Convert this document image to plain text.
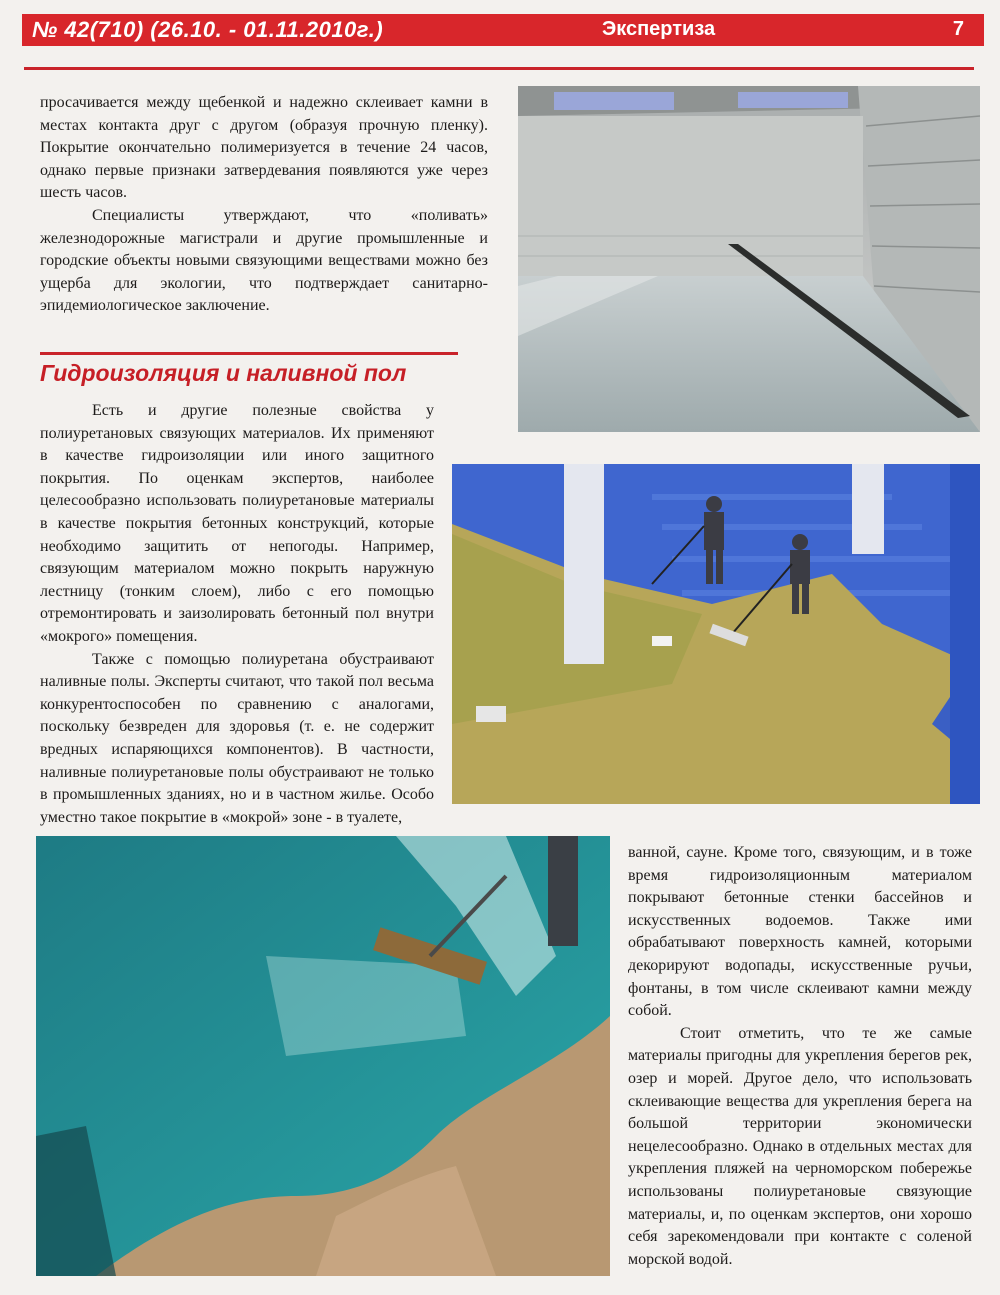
№ 42(710) (26.10. - 01.11.2010г.)	Экспертиза	7

просачивается между щебенкой и надежно склеивает камни в местах контакта друг с другом (образуя прочную пленку). Покрытие окончательно полимеризуется в течение 24 часов, однако первые признаки затвердевания появляются уже через шесть часов.

Специалисты утверждают, что «поливать» железнодорожные магистрали и другие промышленные и городские объекты новыми связующими веществами можно без ущерба для экологии, что подтверждает санитарно-эпидемиологическое заключение.

Гидроизоляция и наливной пол

Есть и другие полезные свойства у полиуретановых связующих материалов. Их применяют в качестве гидроизоляции или иного защитного покрытия. По оценкам экспертов, наиболее целесообразно использовать полиуретановые материалы в качестве покрытия бетонных конструкций, которые необходимо защитить от непогоды. Например, связующим материалом можно покрыть наружную лестницу (тонким слоем), либо с его помощью отремонтировать и заизолировать бетонный пол внутри «мокрого» помещения.

Также с помощью полиуретана обустраивают наливные полы. Эксперты считают, что такой пол весьма конкурентоспособен по сравнению с аналогами, поскольку безвреден для здоровья (т. е. не содержит вредных испаряющихся компонентов). В частности, наливные полиуретановые полы обустраивают не только в промышленных зданиях, но и в частном жилье. Особо уместно такое покрытие в «мокрой» зоне - в туалете,

ванной, сауне. Кроме того, связующим, и в тоже время гидроизоляционным материалом покрывают бетонные стенки бассейнов и искусственных водоемов. Также ими обрабатывают поверхность камней, которыми декорируют водопады, искусственные ручьи, фонтаны, в том числе склеивают камни между собой.

Стоит отметить, что те же самые материалы пригодны для укрепления берегов рек, озер и морей. Другое дело, что использовать склеивающие вещества для укрепления берега на большой территории экономически нецелесообразно. Однако в отдельных местах для укрепления пляжей на черноморском побережье использованы полиуретановые связующие материалы, и, по оценкам экспертов, они хорошо себя зарекомендовали при контакте с соленой морской водой.
